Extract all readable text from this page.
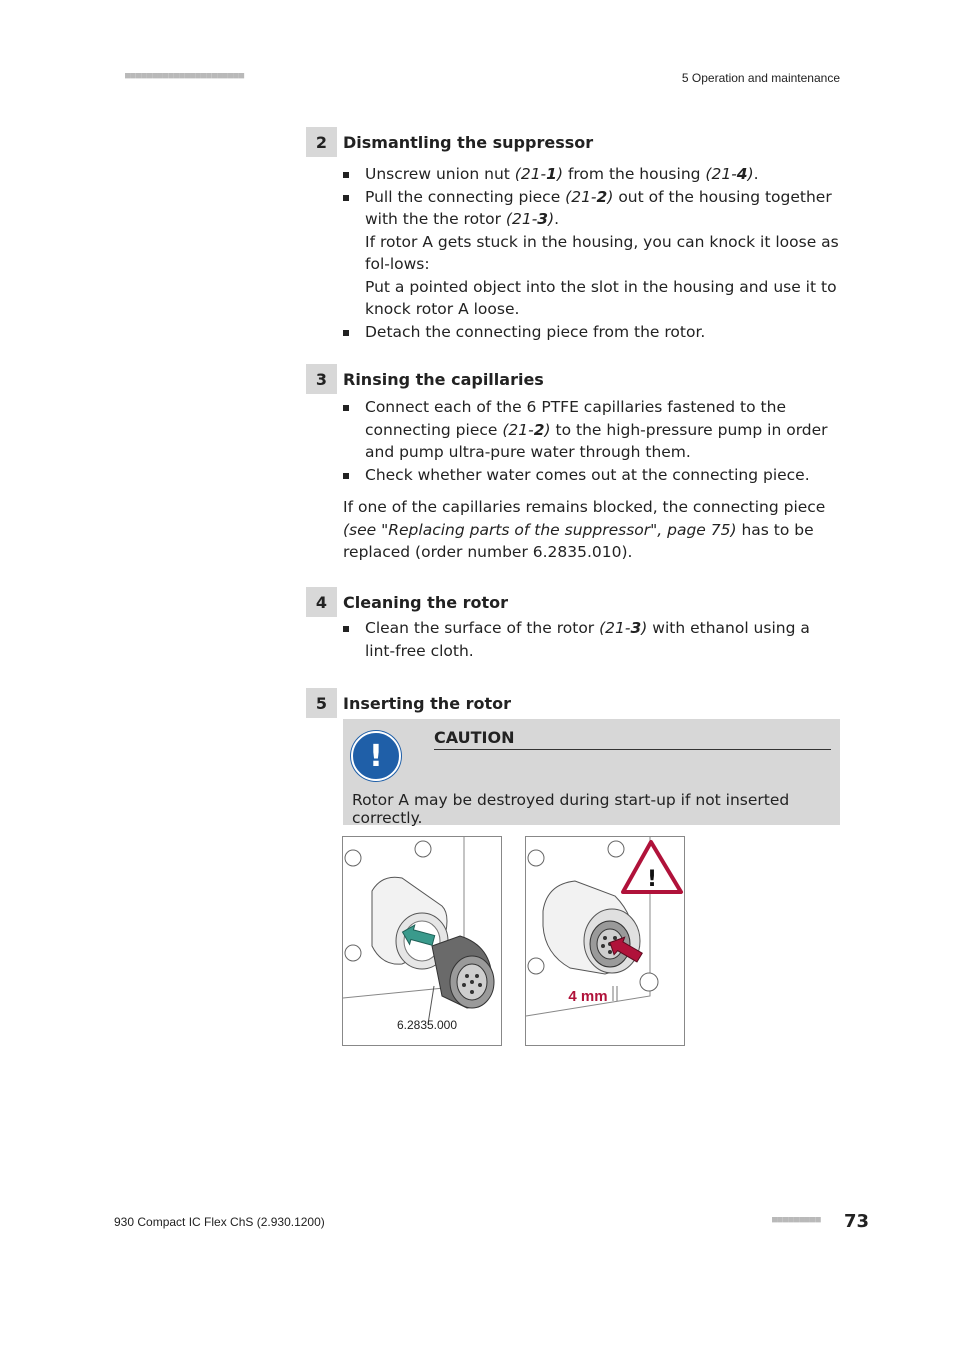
■■■■■■■■■■■■■■■■■■■■■■	5 Operation and maintenance
2 Dismantling the suppressor
Unscrew union nut (21-1) from the housing (21-4).
Pull the connecting piece (21-2) out of the housing together with the the rotor (21-3).
If rotor A gets stuck in the housing, you can knock it loose as fol-lows:
Put a pointed object into the slot in the housing and use it to knock rotor A loose.
Detach the connecting piece from the rotor.
3 Rinsing the capillaries
Connect each of the 6 PTFE capillaries fastened to the connecting piece (21-2) to the high-pressure pump in order and pump ultra-pure water through them.
Check whether water comes out at the connecting piece.
If one of the capillaries remains blocked, the connecting piece (see "Replacing parts of the suppressor", page 75) has to be replaced (order number 6.2835.010).
4 Cleaning the rotor
Clean the surface of the rotor (21-3) with ethanol using a lint-free cloth.
5 Inserting the rotor
!
CAUTION
Rotor A may be destroyed during start-up if not inserted correctly.
6.2835.000
!
4 mm
930 Compact IC Flex ChS (2.930.1200)	■■■■■■■■■ 73
